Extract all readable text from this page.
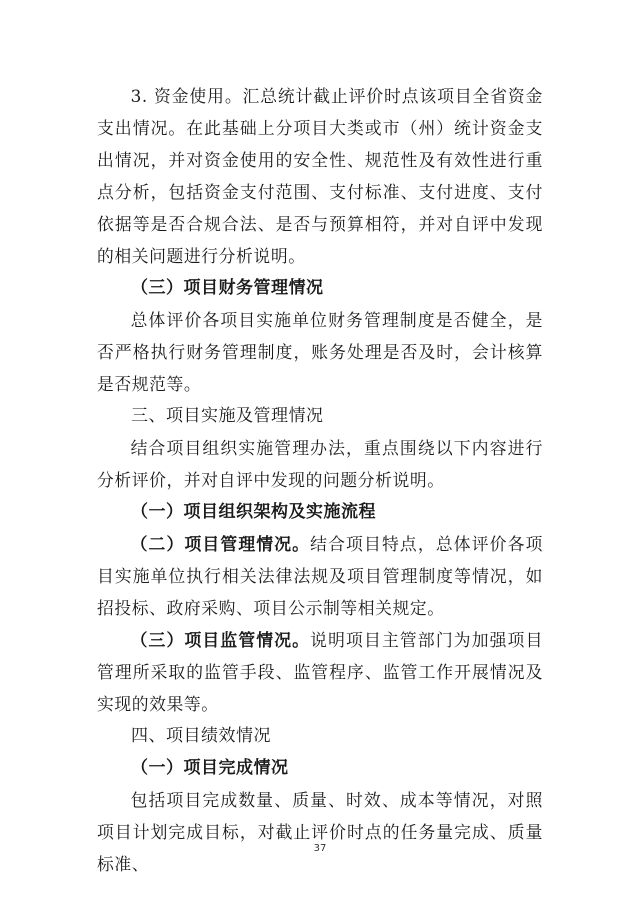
3. 资金使用。汇总统计截止评价时点该项目全省资金支出情况。在此基础上分项目大类或市（州）统计资金支出情况，并对资金使用的安全性、规范性及有效性进行重点分析，包括资金支付范围、支付标准、支付进度、支付依据等是否合规合法、是否与预算相符，并对自评中发现的相关问题进行分析说明。

（三）项目财务管理情况

总体评价各项目实施单位财务管理制度是否健全，是否严格执行财务管理制度，账务处理是否及时，会计核算是否规范等。

三、项目实施及管理情况

结合项目组织实施管理办法，重点围绕以下内容进行分析评价，并对自评中发现的问题分析说明。

（一）项目组织架构及实施流程

（二）项目管理情况。结合项目特点，总体评价各项目实施单位执行相关法律法规及项目管理制度等情况，如招投标、政府采购、项目公示制等相关规定。

（三）项目监管情况。说明项目主管部门为加强项目管理所采取的监管手段、监管程序、监管工作开展情况及实现的效果等。

四、项目绩效情况

（一）项目完成情况

包括项目完成数量、质量、时效、成本等情况，对照项目计划完成目标，对截止评价时点的任务量完成、质量标准、

37
